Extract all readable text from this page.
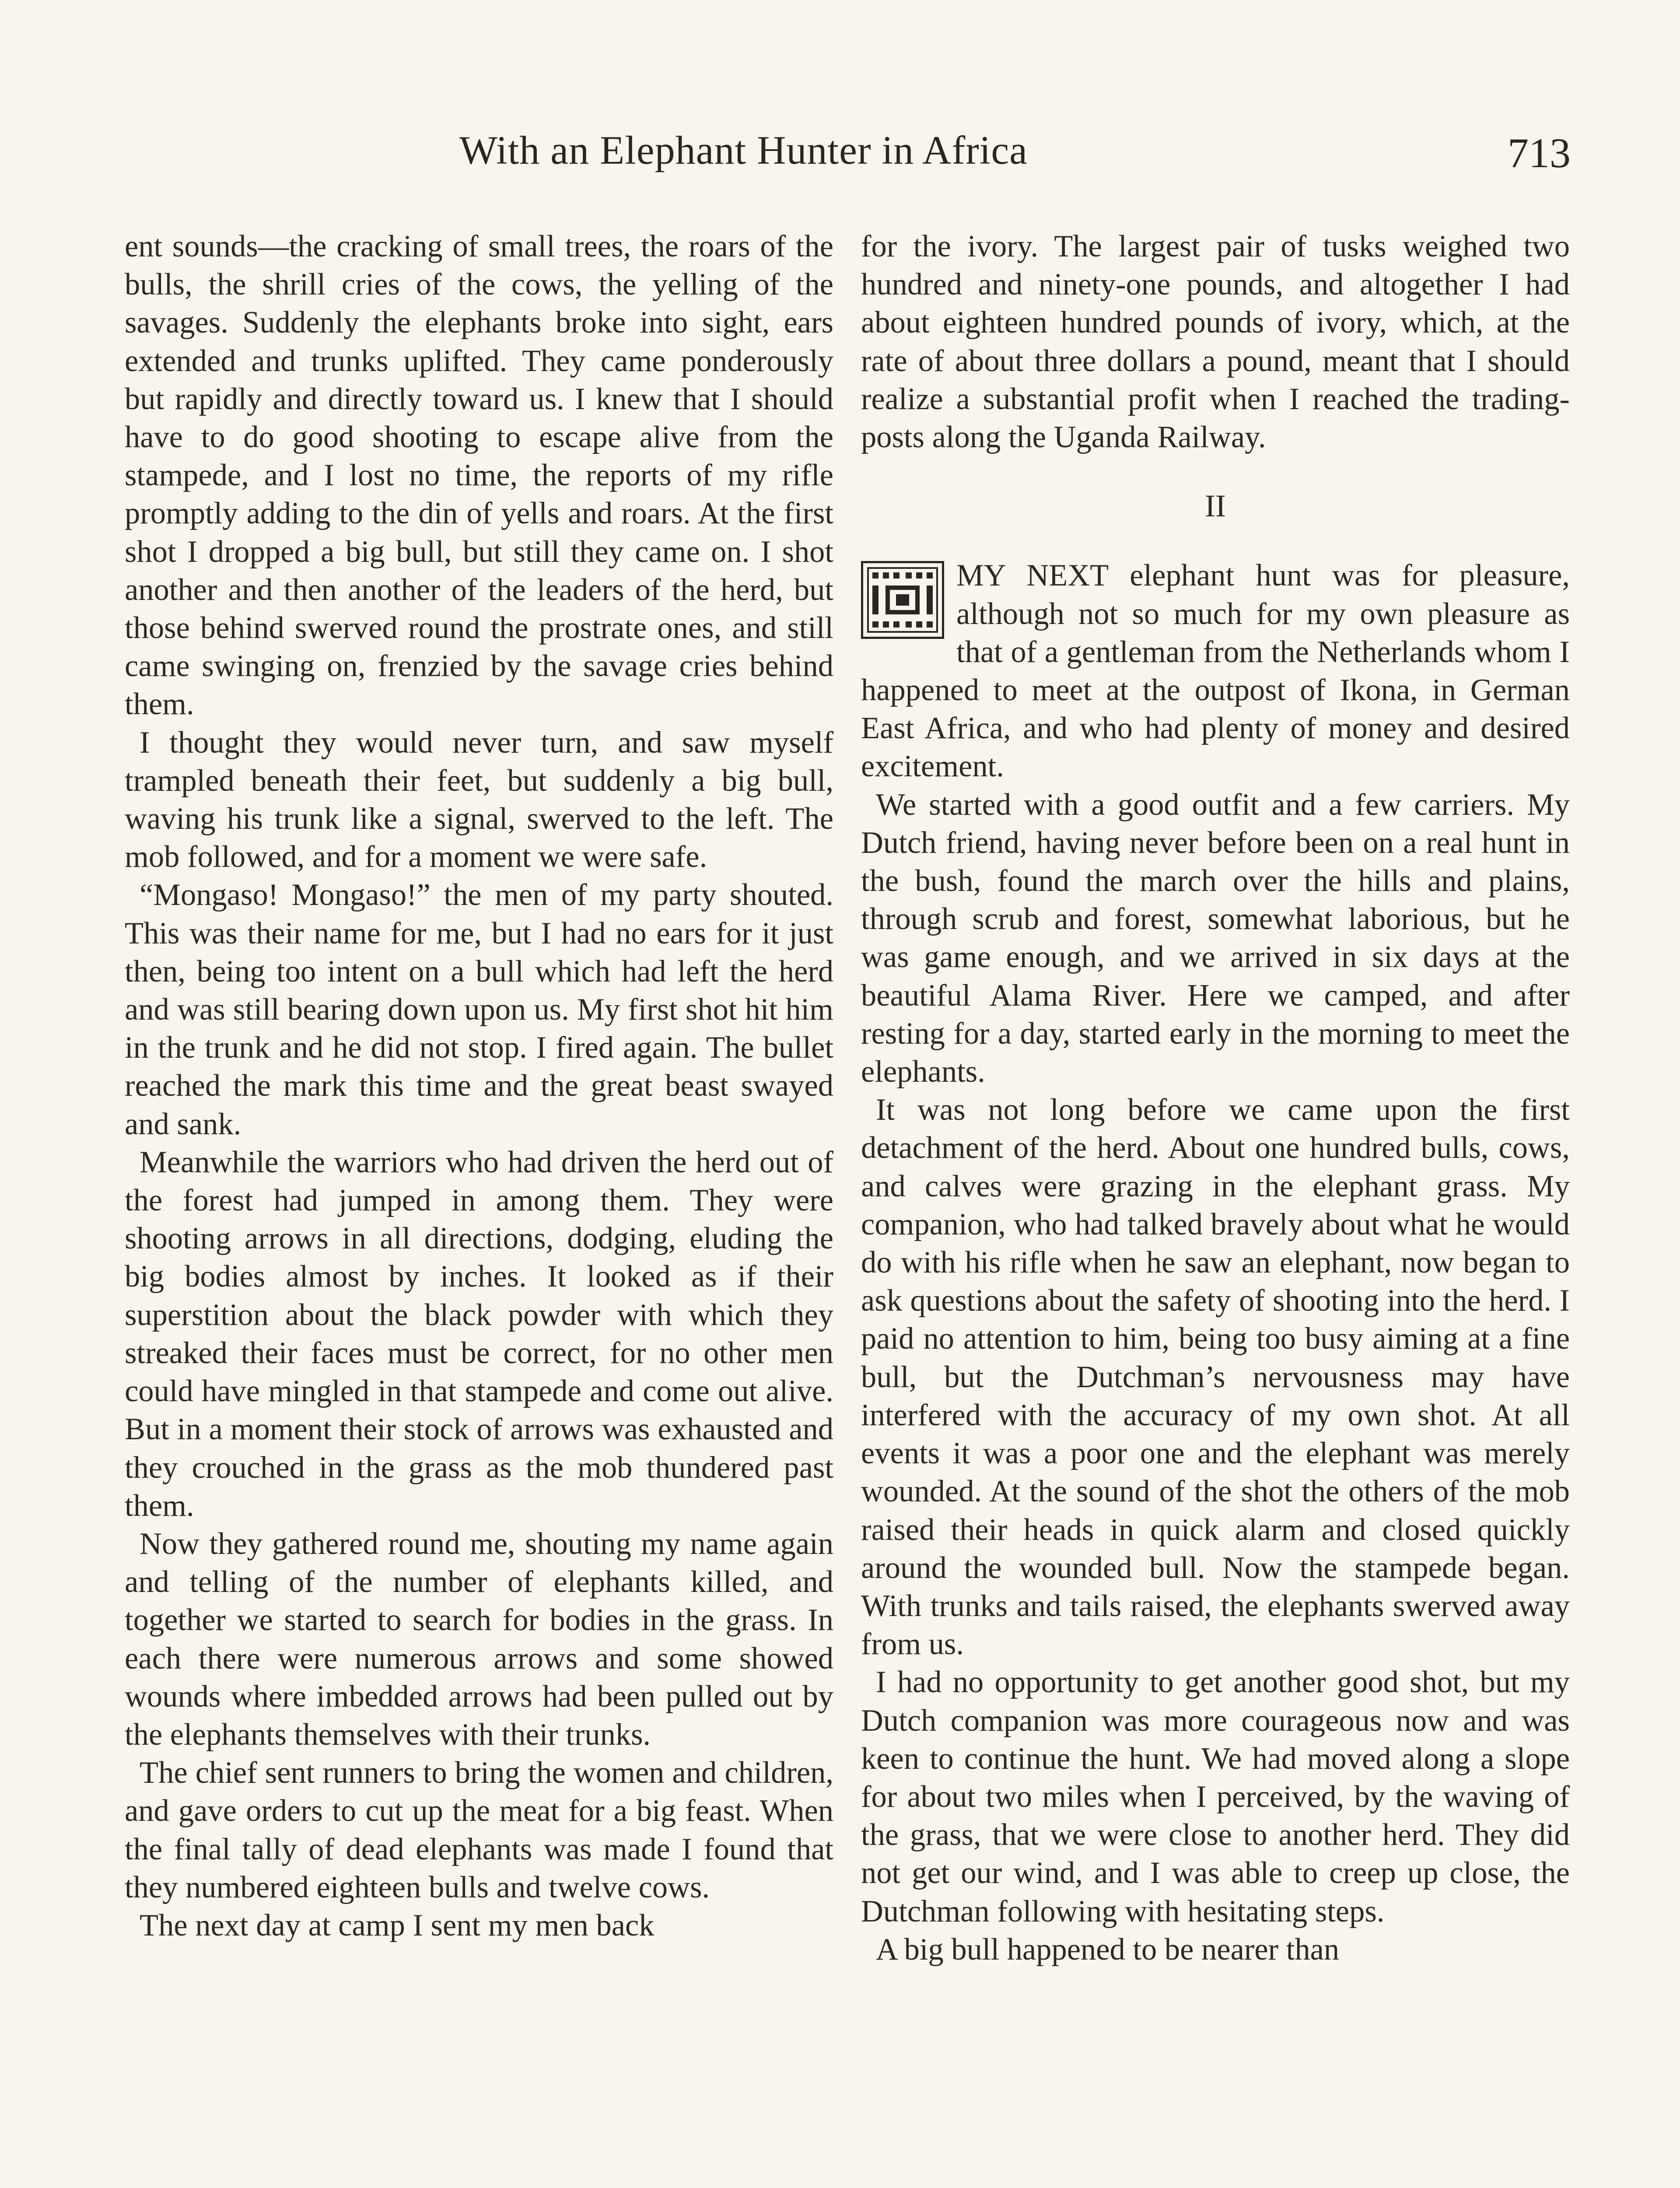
With an Elephant Hunter in Africa	713

ent sounds—the cracking of small trees, the roars of the bulls, the shrill cries of the cows, the yelling of the savages. Suddenly the elephants broke into sight, ears extended and trunks uplifted. They came ponderously but rapidly and directly toward us. I knew that I should have to do good shooting to escape alive from the stampede, and I lost no time, the reports of my rifle promptly adding to the din of yells and roars. At the first shot I dropped a big bull, but still they came on. I shot another and then another of the leaders of the herd, but those behind swerved round the prostrate ones, and still came swinging on, frenzied by the savage cries behind them.

I thought they would never turn, and saw myself trampled beneath their feet, but suddenly a big bull, waving his trunk like a signal, swerved to the left. The mob followed, and for a moment we were safe.

“Mongaso! Mongaso!” the men of my party shouted. This was their name for me, but I had no ears for it just then, being too intent on a bull which had left the herd and was still bearing down upon us. My first shot hit him in the trunk and he did not stop. I fired again. The bullet reached the mark this time and the great beast swayed and sank.

Meanwhile the warriors who had driven the herd out of the forest had jumped in among them. They were shooting arrows in all directions, dodging, eluding the big bodies almost by inches. It looked as if their superstition about the black powder with which they streaked their faces must be correct, for no other men could have mingled in that stampede and come out alive. But in a moment their stock of arrows was exhausted and they crouched in the grass as the mob thundered past them.

Now they gathered round me, shouting my name again and telling of the number of elephants killed, and together we started to search for bodies in the grass. In each there were numerous arrows and some showed wounds where imbedded arrows had been pulled out by the elephants themselves with their trunks.

The chief sent runners to bring the women and children, and gave orders to cut up the meat for a big feast. When the final tally of dead elephants was made I found that they numbered eighteen bulls and twelve cows.

The next day at camp I sent my men back

for the ivory. The largest pair of tusks weighed two hundred and ninety-one pounds, and altogether I had about eighteen hundred pounds of ivory, which, at the rate of about three dollars a pound, meant that I should realize a substantial profit when I reached the trading-posts along the Uganda Railway.

II

MY NEXT elephant hunt was for pleasure, although not so much for my own pleasure as that of a gentleman from the Netherlands whom I happened to meet at the outpost of Ikona, in German East Africa, and who had plenty of money and desired excitement.

We started with a good outfit and a few carriers. My Dutch friend, having never before been on a real hunt in the bush, found the march over the hills and plains, through scrub and forest, somewhat laborious, but he was game enough, and we arrived in six days at the beautiful Alama River. Here we camped, and after resting for a day, started early in the morning to meet the elephants.

It was not long before we came upon the first detachment of the herd. About one hundred bulls, cows, and calves were grazing in the elephant grass. My companion, who had talked bravely about what he would do with his rifle when he saw an elephant, now began to ask questions about the safety of shooting into the herd. I paid no attention to him, being too busy aiming at a fine bull, but the Dutchman’s nervousness may have interfered with the accuracy of my own shot. At all events it was a poor one and the elephant was merely wounded. At the sound of the shot the others of the mob raised their heads in quick alarm and closed quickly around the wounded bull. Now the stampede began. With trunks and tails raised, the elephants swerved away from us.

I had no opportunity to get another good shot, but my Dutch companion was more courageous now and was keen to continue the hunt. We had moved along a slope for about two miles when I perceived, by the waving of the grass, that we were close to another herd. They did not get our wind, and I was able to creep up close, the Dutchman following with hesitating steps.

A big bull happened to be nearer than
